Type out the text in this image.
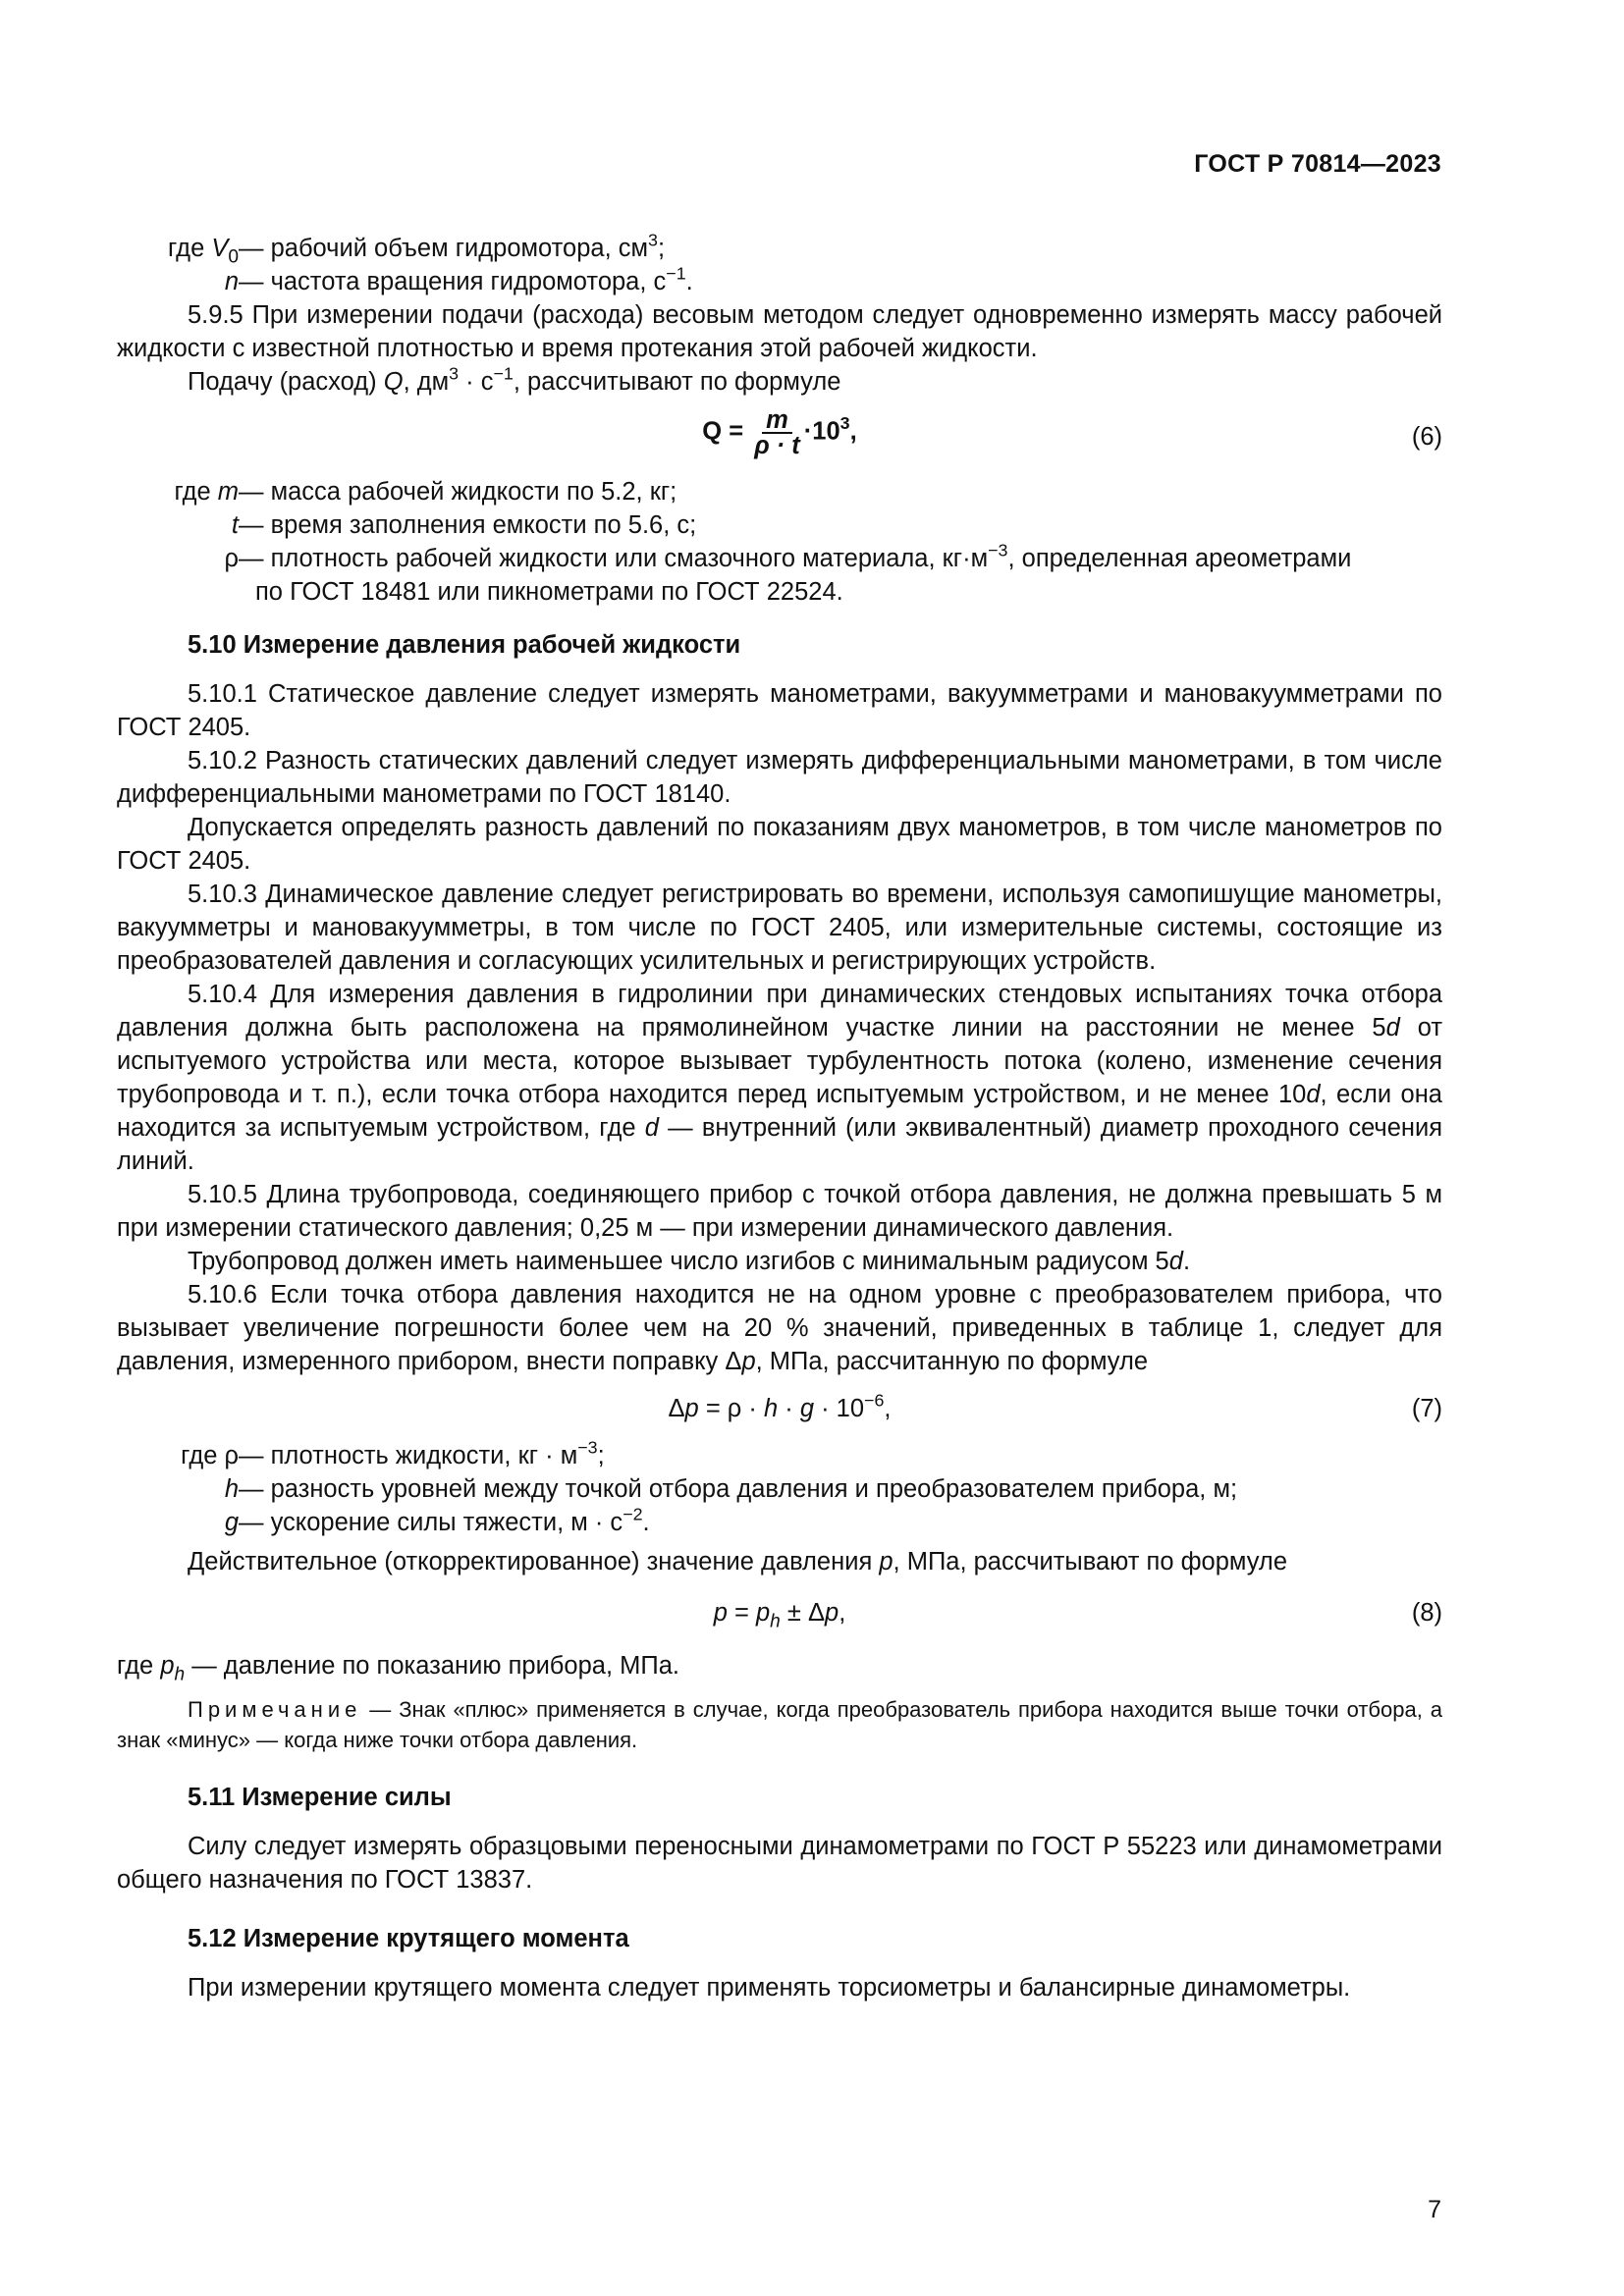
ГОСТ Р 70814—2023
где $V_0$ — рабочий объем гидромотора, $см^3$;
n — частота вращения гидромотора, $с^{-1}$.

5.9.5 При измерении подачи (расхода) весовым методом следует одновременно измерять массу рабочей жидкости с известной плотностью и время протекания этой рабочей жидкости.

Подачу (расход) Q, $дм^3 \cdot с^{-1}$, рассчитывают по формуле

$Q = \frac{m}{\rho \cdot t} \cdot 10^3$,	(6)
где m — масса рабочей жидкости по 5.2, кг;
t — время заполнения емкости по 5.6, с;
ρ — плотность рабочей жидкости или смазочного материала, $кг\cdot м^{-3}$, определенная ареометрами

по ГОСТ 18481 или пикнометрами по ГОСТ 22524.

5.10 Измерение давления рабочей жидкости

5.10.1 Статическое давление следует измерять манометрами, вакуумметрами и мановакуумметрами по ГОСТ 2405.

5.10.2 Разность статических давлений следует измерять дифференциальными манометрами, в том числе дифференциальными манометрами по ГОСТ 18140.

Допускается определять разность давлений по показаниям двух манометров, в том числе манометров по ГОСТ 2405.

5.10.3 Динамическое давление следует регистрировать во времени, используя самопишущие манометры, вакуумметры и мановакуумметры, в том числе по ГОСТ 2405, или измерительные системы, состоящие из преобразователей давления и согласующих усилительных и регистрирующих устройств.

5.10.4 Для измерения давления в гидролинии при динамических стендовых испытаниях точка отбора давления должна быть расположена на прямолинейном участке линии на расстоянии не менее 5d от испытуемого устройства или места, которое вызывает турбулентность потока (колено, изменение сечения трубопровода и т. п.), если точка отбора находится перед испытуемым устройством, и не менее 10d, если она находится за испытуемым устройством, где d — внутренний (или эквивалентный) диаметр проходного сечения линий.

5.10.5 Длина трубопровода, соединяющего прибор с точкой отбора давления, не должна превышать 5 м при измерении статического давления; 0,25 м — при измерении динамического давления.

Трубопровод должен иметь наименьшее число изгибов с минимальным радиусом 5d.

5.10.6 Если точка отбора давления находится не на одном уровне с преобразователем прибора, что вызывает увеличение погрешности более чем на 20 % значений, приведенных в таблице 1, следует для давления, измеренного прибором, внести поправку Δp, МПа, рассчитанную по формуле

$\Delta p = \rho \cdot h \cdot g \cdot 10^{-6}$,	(7)
где ρ — плотность жидкости, кг · $м^{-3}$;
h — разность уровней между точкой отбора давления и преобразователем прибора, м;
g — ускорение силы тяжести, $м \cdot с^{-2}$.

Действительное (откорректированное) значение давления p, МПа, рассчитывают по формуле

$p = p_h \pm \Delta p$,	(8)

где $p_h$ — давление по показанию прибора, МПа.

Примечание — Знак «плюс» применяется в случае, когда преобразователь прибора находится выше точки отбора, а знак «минус» — когда ниже точки отбора давления.

5.11 Измерение силы

Силу следует измерять образцовыми переносными динамометрами по ГОСТ Р 55223 или динамометрами общего назначения по ГОСТ 13837.

5.12 Измерение крутящего момента

При измерении крутящего момента следует применять торсиометры и балансирные динамометры.

7
